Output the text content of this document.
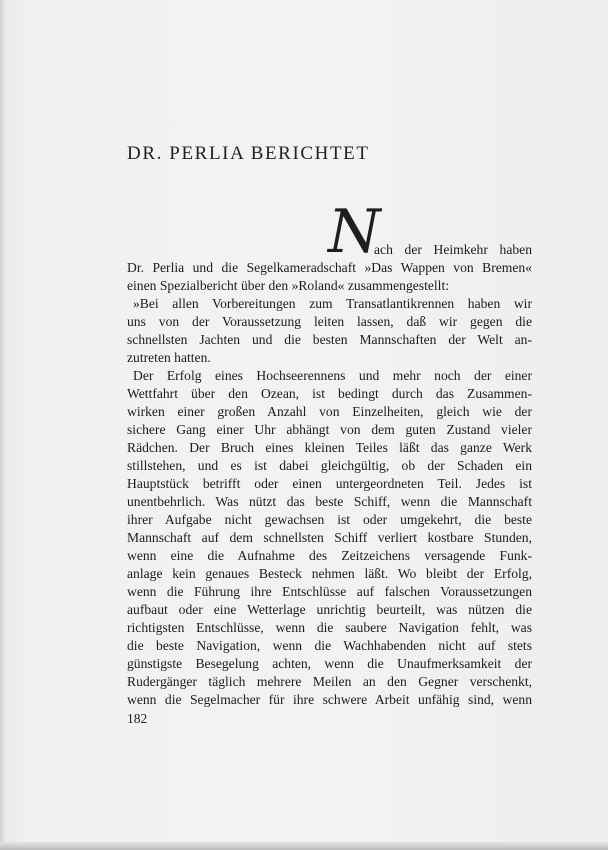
DR. PERLIA BERICHTET
N
ach der Heimkehr haben
Dr. Perlia und die Segelkameradschaft »Das Wappen von Bremen«
einen Spezialbericht über den »Roland« zusammengestellt:
»Bei allen Vorbereitungen zum Transatlantikrennen haben wir
uns von der Voraussetzung leiten lassen, daß wir gegen die
schnellsten Jachten und die besten Mannschaften der Welt an-
zutreten hatten.
Der Erfolg eines Hochseerennens und mehr noch der einer
Wettfahrt über den Ozean, ist bedingt durch das Zusammen-
wirken einer großen Anzahl von Einzelheiten, gleich wie der
sichere Gang einer Uhr abhängt von dem guten Zustand vieler
Rädchen. Der Bruch eines kleinen Teiles läßt das ganze Werk
stillstehen, und es ist dabei gleichgültig, ob der Schaden ein
Hauptstück betrifft oder einen untergeordneten Teil. Jedes ist
unentbehrlich. Was nützt das beste Schiff, wenn die Mannschaft
ihrer Aufgabe nicht gewachsen ist oder umgekehrt, die beste
Mannschaft auf dem schnellsten Schiff verliert kostbare Stunden,
wenn eine die Aufnahme des Zeitzeichens versagende Funk-
anlage kein genaues Besteck nehmen läßt. Wo bleibt der Erfolg,
wenn die Führung ihre Entschlüsse auf falschen Voraussetzungen
aufbaut oder eine Wetterlage unrichtig beurteilt, was nützen die
richtigsten Entschlüsse, wenn die saubere Navigation fehlt, was
die beste Navigation, wenn die Wachhabenden nicht auf stets
günstigste Besegelung achten, wenn die Unaufmerksamkeit der
Rudergänger täglich mehrere Meilen an den Gegner verschenkt,
wenn die Segelmacher für ihre schwere Arbeit unfähig sind, wenn
182
